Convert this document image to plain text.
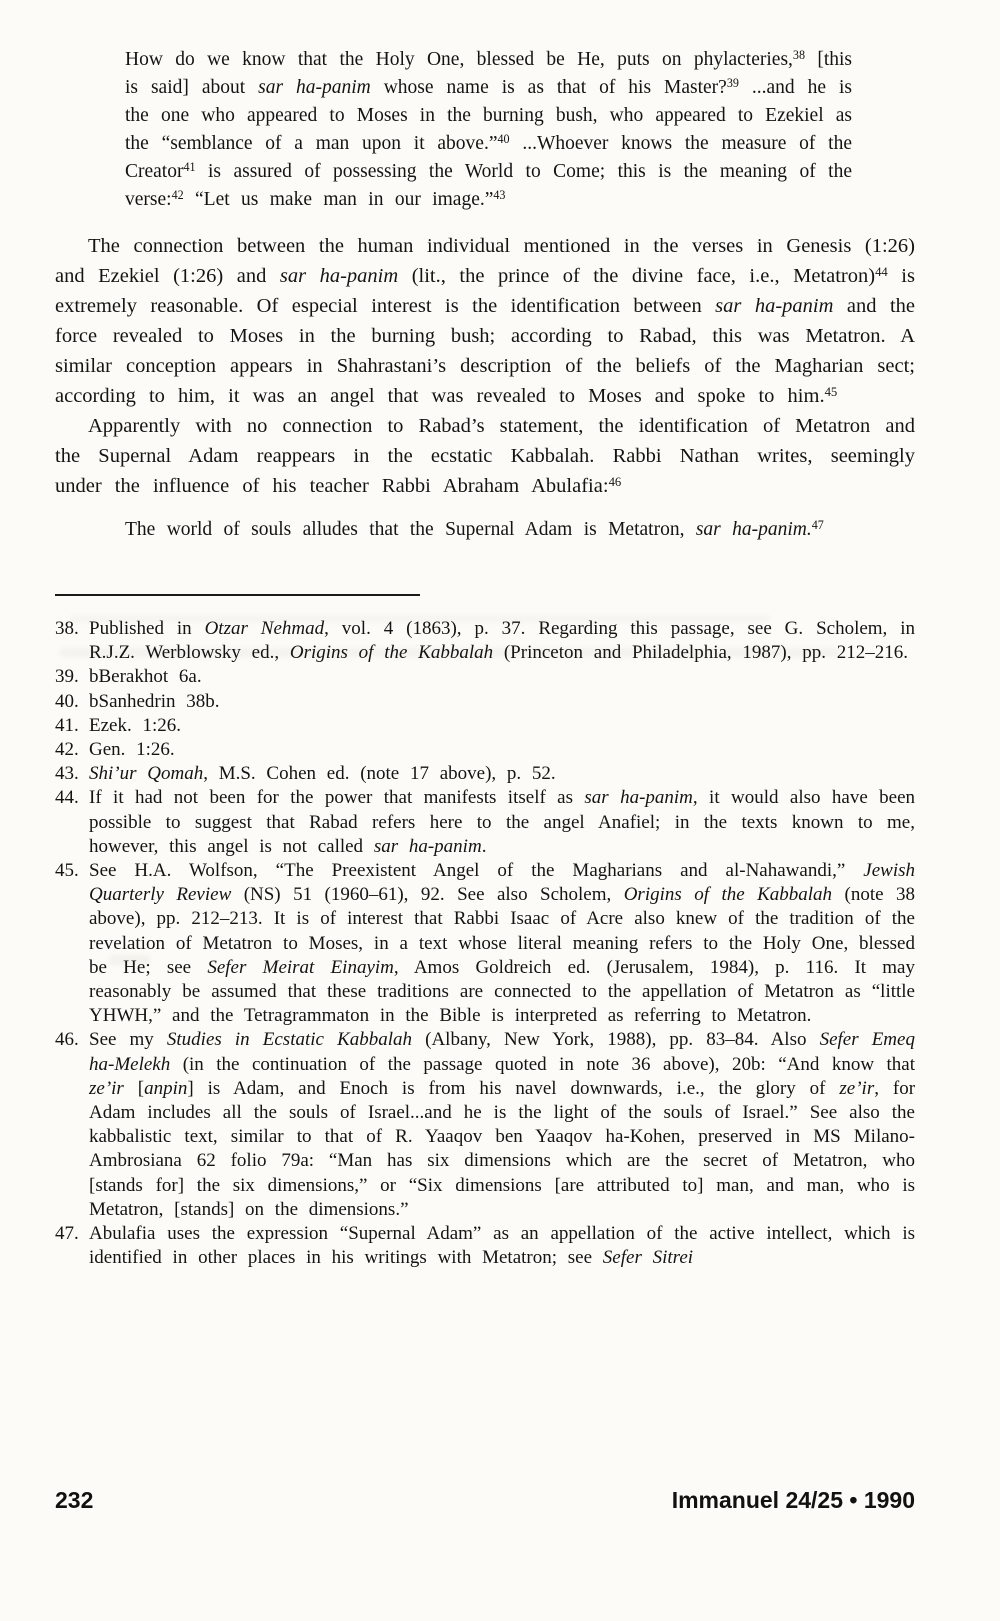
How do we know that the Holy One, blessed be He, puts on phylacteries,$^{38}$ [this is said] about sar ha-panim whose name is as that of his Master?$^{39}$ ...and he is the one who appeared to Moses in the burning bush, who appeared to Ezekiel as the “semblance of a man upon it above.”$^{40}$ ...Whoever knows the measure of the Creator$^{41}$ is assured of possessing the World to Come; this is the meaning of the verse:$^{42}$ “Let us make man in our image.”$^{43}$

The connection between the human individual mentioned in the verses in Genesis (1:26) and Ezekiel (1:26) and sar ha-panim (lit., the prince of the divine face, i.e., Metatron)$^{44}$ is extremely reasonable. Of especial interest is the identification between sar ha-panim and the force revealed to Moses in the burning bush; according to Rabad, this was Metatron. A similar conception appears in Shahrastani’s description of the beliefs of the Magharian sect; according to him, it was an angel that was revealed to Moses and spoke to him.$^{45}$

Apparently with no connection to Rabad’s statement, the identification of Metatron and the Supernal Adam reappears in the ecstatic Kabbalah. Rabbi Nathan writes, seemingly under the influence of his teacher Rabbi Abraham Abulafia:$^{46}$

The world of souls alludes that the Supernal Adam is Metatron, sar ha-panim.$^{47}$
38. Published in Otzar Nehmad, vol. 4 (1863), p. 37. Regarding this passage, see G. Scholem, in R.J.Z. Werblowsky ed., Origins of the Kabbalah (Princeton and Philadelphia, 1987), pp. 212–216.
39. bBerakhot 6a.
40. bSanhedrin 38b.
41. Ezek. 1:26.
42. Gen. 1:26.
43. Shi’ur Qomah, M.S. Cohen ed. (note 17 above), p. 52.
44. If it had not been for the power that manifests itself as sar ha-panim, it would also have been possible to suggest that Rabad refers here to the angel Anafiel; in the texts known to me, however, this angel is not called sar ha-panim.
45. See H.A. Wolfson, “The Preexistent Angel of the Magharians and al-Nahawandi,” Jewish Quarterly Review (NS) 51 (1960–61), 92. See also Scholem, Origins of the Kabbalah (note 38 above), pp. 212–213. It is of interest that Rabbi Isaac of Acre also knew of the tradition of the revelation of Metatron to Moses, in a text whose literal meaning refers to the Holy One, blessed be He; see Sefer Meirat Einayim, Amos Goldreich ed. (Jerusalem, 1984), p. 116. It may reasonably be assumed that these traditions are connected to the appellation of Metatron as “little YHWH,” and the Tetragrammaton in the Bible is interpreted as referring to Metatron.
46. See my Studies in Ecstatic Kabbalah (Albany, New York, 1988), pp. 83–84. Also Sefer Emeq ha-Melekh (in the continuation of the passage quoted in note 36 above), 20b: “And know that ze’ir [anpin] is Adam, and Enoch is from his navel downwards, i.e., the glory of ze’ir, for Adam includes all the souls of Israel...and he is the light of the souls of Israel.” See also the kabbalistic text, similar to that of R. Yaaqov ben Yaaqov ha-Kohen, preserved in MS Milano-Ambrosiana 62 folio 79a: “Man has six dimensions which are the secret of Metatron, who [stands for] the six dimensions,” or “Six dimensions [are attributed to] man, and man, who is Metatron, [stands] on the dimensions.”
47. Abulafia uses the expression “Supernal Adam” as an appellation of the active intellect, which is identified in other places in his writings with Metatron; see Sefer Sitrei
232	Immanuel 24/25 • 1990
